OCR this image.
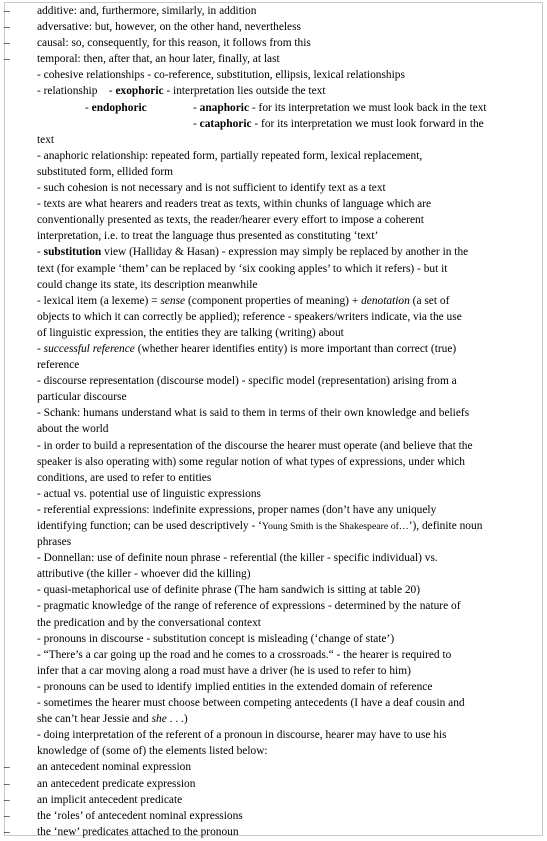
– additive: and, furthermore, similarly, in addition
– adversative: but, however, on the other hand, nevertheless
– causal: so, consequently, for this reason, it follows from this
– temporal: then, after that, an hour later, finally, at last
- cohesive relationships - co-reference, substitution, ellipsis, lexical relationships
- relationship    - exophoric - interpretation lies outside the text
- endophoric	- anaphoric - for its interpretation we must look back in the text
- cataphoric - for its interpretation we must look forward in the
text
- anaphoric relationship: repeated form, partially repeated form, lexical replacement,
substituted form, ellided form
- such cohesion is not necessary and is not sufficient to identify text as a text
- texts are what hearers and readers treat as texts, within chunks of language which are
conventionally presented as texts, the reader/hearer every effort to impose a coherent
interpretation, i.e. to treat the language thus presented as constituting ‘text’
- substitution view (Halliday & Hasan) - expression may simply be replaced by another in the
text (for example ‘them’ can be replaced by ‘six cooking apples’ to which it refers) - but it
could change its state, its description meanwhile
- lexical item (a lexeme) = sense (component properties of meaning) + denotation (a set of
objects to which it can correctly be applied); reference - speakers/writers indicate, via the use
of linguistic expression, the entities they are talking (writing) about
- successful reference (whether hearer identifies entity) is more important than correct (true)
reference
- discourse representation (discourse model) - specific model (representation) arising from a
particular discourse
- Schank: humans understand what is said to them in terms of their own knowledge and beliefs
about the world
- in order to build a representation of the discourse the hearer must operate (and believe that the
speaker is also operating with) some regular notion of what types of expressions, under which
conditions, are used to refer to entities
- actual vs. potential use of linguistic expressions
- referential expressions: indefinite expressions, proper names (don’t have any uniquely
identifying function; can be used descriptively - ‘Young Smith is the Shakespeare of…’), definite noun
phrases
- Donnellan: use of definite noun phrase - referential (the killer - specific individual) vs.
attributive (the killer - whoever did the killing)
- quasi-metaphorical use of definite phrase (The ham sandwich is sitting at table 20)
- pragmatic knowledge of the range of reference of expressions - determined by the nature of
the predication and by the conversational context
- pronouns in discourse - substitution concept is misleading (‘change of state’)
- “There’s a car going up the road and he comes to a crossroads.“ - the hearer is required to
infer that a car moving along a road must have a driver (he is used to refer to him)
- pronouns can be used to identify implied entities in the extended domain of reference
- sometimes the hearer must choose between competing antecedents (I have a deaf cousin and
she can’t hear Jessie and she . . .)
- doing interpretation of the referent of a pronoun in discourse, hearer may have to use his
knowledge of (some of) the elements listed below:
– an antecedent nominal expression
– an antecedent predicate expression
– an implicit antecedent predicate
– the ‘roles’ of antecedent nominal expressions
– the ‘new’ predicates attached to the pronoun
